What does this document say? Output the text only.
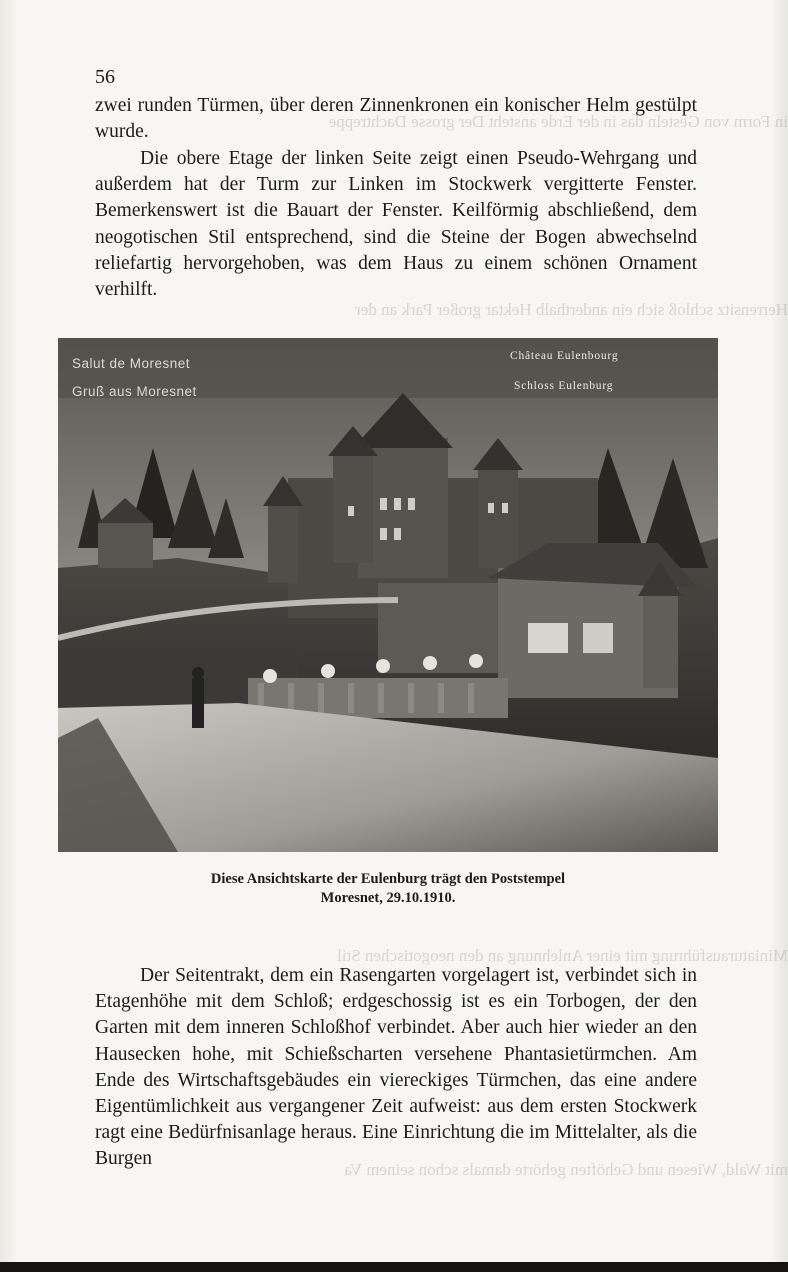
in Form von Gesteln das in der Erde ansteht Der grosse Dachtreppe
Herrensitz schloß sich ein anderthalb Hektar großer Park an der
Miniaturausführung mit einer Anlehnung an den neogotischen Stil
mit Wald, Wiesen und Gehöften gehörte damals schon seinem Va
56

zwei runden Türmen, über deren Zinnenkronen ein konischer Helm gestülpt wurde.

Die obere Etage der linken Seite zeigt einen Pseudo-Wehrgang und außerdem hat der Turm zur Linken im Stockwerk vergitterte Fenster. Bemerkenswert ist die Bauart der Fenster. Keilförmig abschließend, dem neogotischen Stil entsprechend, sind die Steine der Bogen abwechselnd reliefartig hervorgehoben, was dem Haus zu einem schönen Ornament verhilft.

Salut de Moresnet
Gruß aus Moresnet
Château Eulenbourg
Schloss Eulenburg
Diese Ansichtskarte der Eulenburg trägt den Poststempel
Moresnet, 29.10.1910.

Der Seitentrakt, dem ein Rasengarten vorgelagert ist, verbindet sich in Etagenhöhe mit dem Schloß; erdgeschossig ist es ein Torbogen, der den Garten mit dem inneren Schloßhof verbindet. Aber auch hier wieder an den Hausecken hohe, mit Schießscharten versehene Phantasietürmchen. Am Ende des Wirtschaftsgebäudes ein viereckiges Türmchen, das eine andere Eigentümlichkeit aus vergangener Zeit aufweist: aus dem ersten Stockwerk ragt eine Bedürfnisanlage heraus. Eine Einrichtung die im Mittelalter, als die Burgen
